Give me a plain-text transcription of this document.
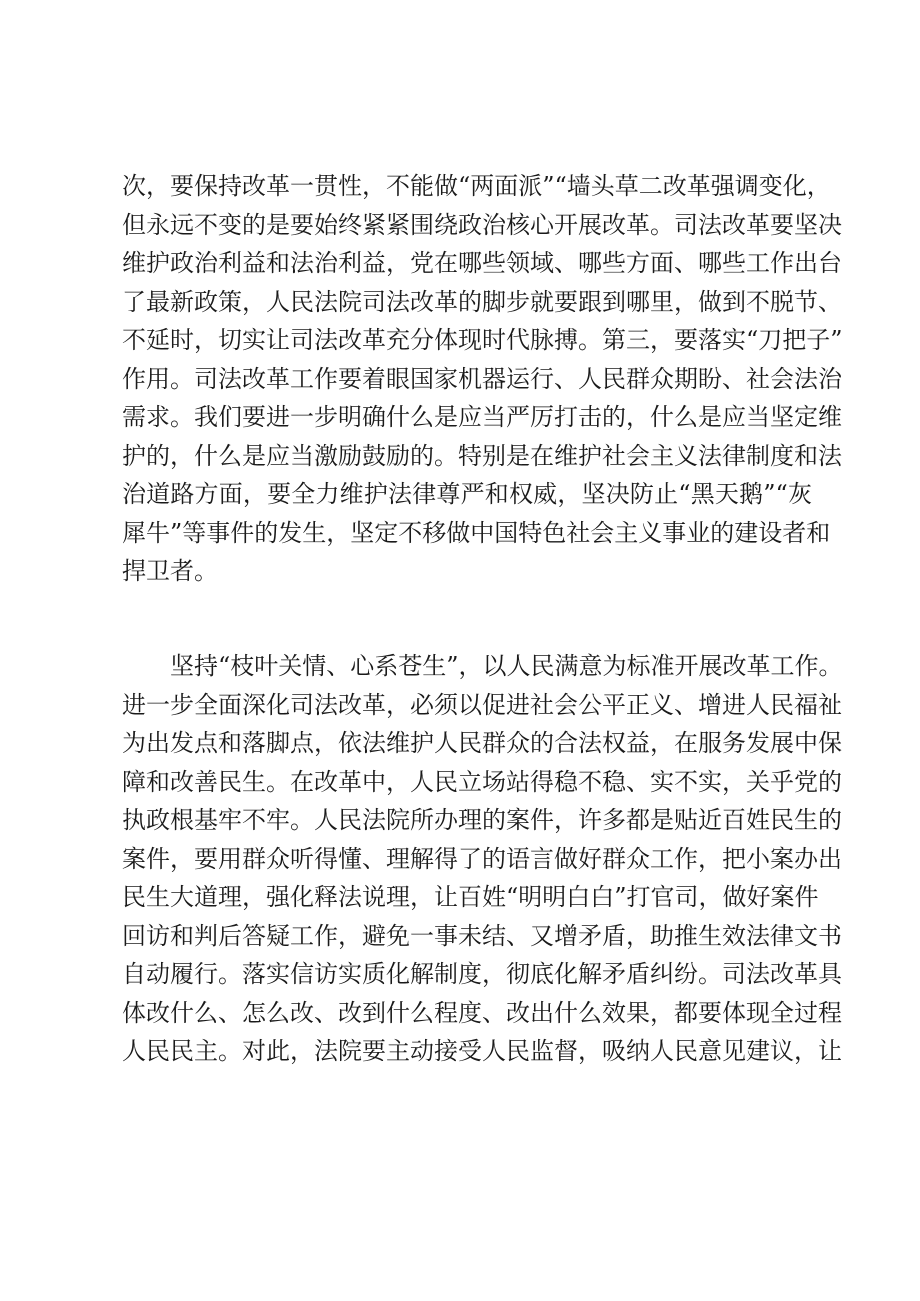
次，要保持改革一贯性，不能做“两面派”“墙头草二改革强调变化，
但永远不变的是要始终紧紧围绕政治核心开展改革。司法改革要坚决
维护政治利益和法治利益，党在哪些领域、哪些方面、哪些工作出台
了最新政策，人民法院司法改革的脚步就要跟到哪里，做到不脱节、
不延时，切实让司法改革充分体现时代脉搏。第三，要落实“刀把子”
作用。司法改革工作要着眼国家机器运行、人民群众期盼、社会法治
需求。我们要进一步明确什么是应当严厉打击的，什么是应当坚定维
护的，什么是应当激励鼓励的。特别是在维护社会主义法律制度和法
治道路方面，要全力维护法律尊严和权威，坚决防止“黑天鹅”“灰
犀牛”等事件的发生，坚定不移做中国特色社会主义事业的建设者和
捍卫者。
坚持“枝叶关情、心系苍生”，以人民满意为标准开展改革工作。
进一步全面深化司法改革，必须以促进社会公平正义、增进人民福祉
为出发点和落脚点，依法维护人民群众的合法权益，在服务发展中保
障和改善民生。在改革中，人民立场站得稳不稳、实不实，关乎党的
执政根基牢不牢。人民法院所办理的案件，许多都是贴近百姓民生的
案件，要用群众听得懂、理解得了的语言做好群众工作，把小案办出
民生大道理，强化释法说理，让百姓“明明白白”打官司，做好案件
回访和判后答疑工作，避免一事未结、又增矛盾，助推生效法律文书
自动履行。落实信访实质化解制度，彻底化解矛盾纠纷。司法改革具
体改什么、怎么改、改到什么程度、改出什么效果，都要体现全过程
人民民主。对此，法院要主动接受人民监督，吸纳人民意见建议，让
